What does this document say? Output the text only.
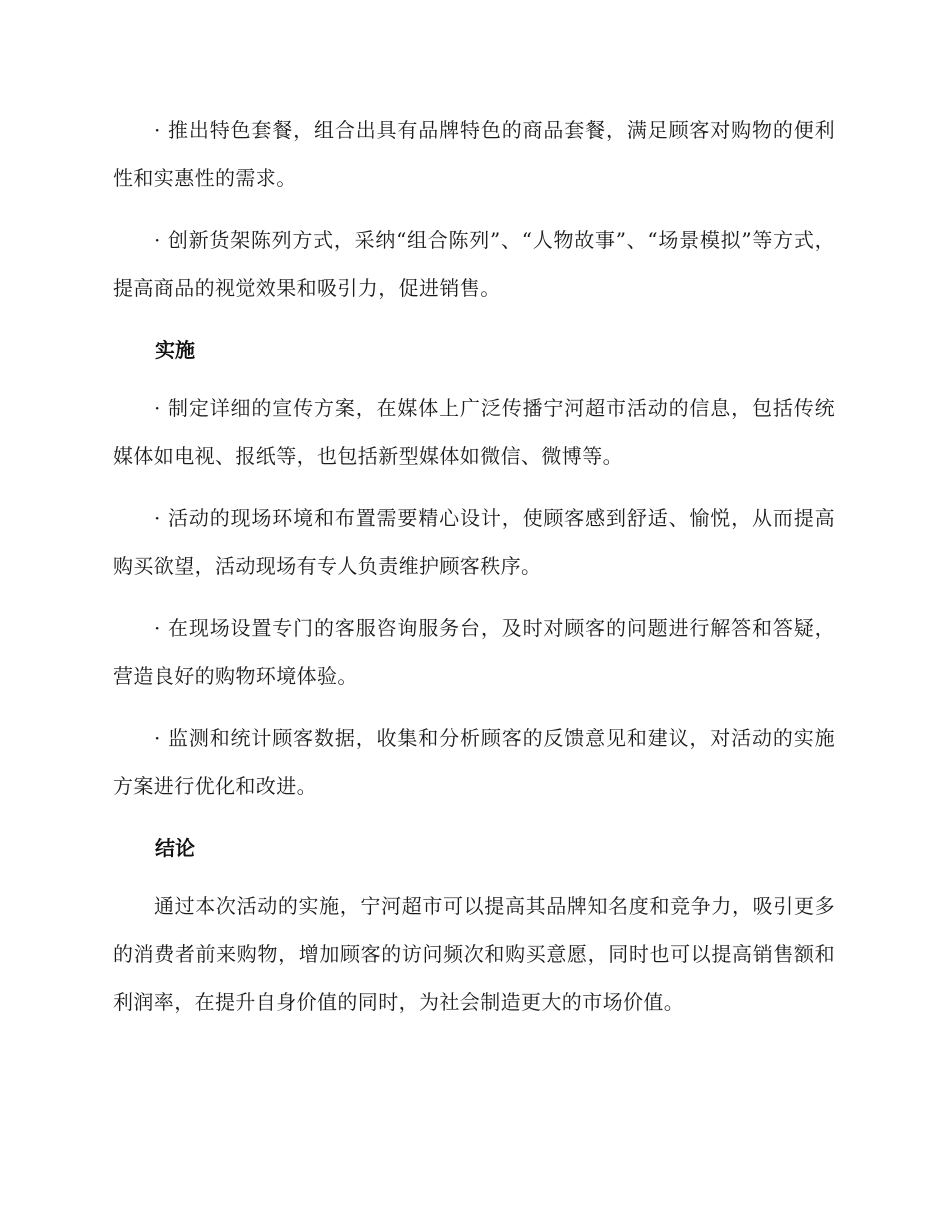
· 推出特色套餐，组合出具有品牌特色的商品套餐，满足顾客对购物的便利性和实惠性的需求。

· 创新货架陈列方式，采纳“组合陈列”、“人物故事”、“场景模拟”等方式，提高商品的视觉效果和吸引力，促进销售。

实施

· 制定详细的宣传方案，在媒体上广泛传播宁河超市活动的信息，包括传统媒体如电视、报纸等，也包括新型媒体如微信、微博等。

· 活动的现场环境和布置需要精心设计，使顾客感到舒适、愉悦，从而提高购买欲望，活动现场有专人负责维护顾客秩序。

· 在现场设置专门的客服咨询服务台，及时对顾客的问题进行解答和答疑，营造良好的购物环境体验。

· 监测和统计顾客数据，收集和分析顾客的反馈意见和建议，对活动的实施方案进行优化和改进。

结论

通过本次活动的实施，宁河超市可以提高其品牌知名度和竞争力，吸引更多的消费者前来购物，增加顾客的访问频次和购买意愿，同时也可以提高销售额和利润率，在提升自身价值的同时，为社会制造更大的市场价值。
